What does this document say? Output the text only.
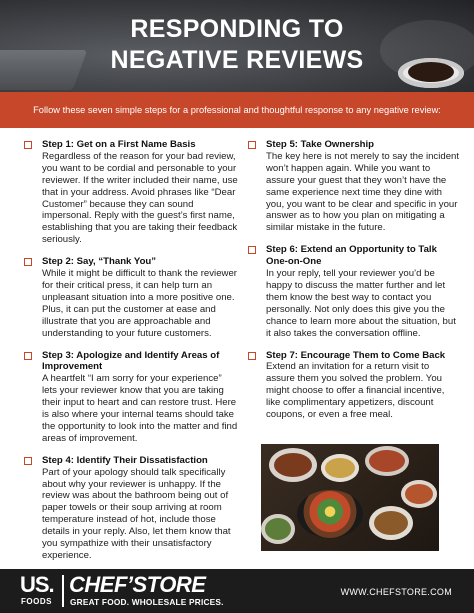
RESPONDING TO
NEGATIVE REVIEWS
Follow these seven simple steps for a professional and thoughtful response to any negative review:
Step 1: Get on a First Name Basis
Regardless of the reason for your bad review, you want to be cordial and personable to your reviewer. If the writer included their name, use that in your address. Avoid phrases like “Dear Customer” because they can sound impersonal. Reply with the guest’s first name, establishing that you are taking their feedback seriously.
Step 2: Say, “Thank You”
While it might be difficult to thank the reviewer for their critical press, it can help turn an unpleasant situation into a more positive one. Plus, it can put the customer at ease and illustrate that you are approachable and understanding to your future customers.
Step 3: Apologize and Identify Areas of Improvement
A heartfelt “I am sorry for your experience” lets your reviewer know that you are taking their input to heart and can restore trust. Here is also where your internal teams should take the opportunity to look into the matter and find areas of improvement.
Step 4: Identify Their Dissatisfaction
Part of your apology should talk specifically about why your reviewer is unhappy. If the review was about the bathroom being out of paper towels or their soup arriving at room temperature instead of hot, include those details in your reply. Also, let them know that you sympathize with their unsatisfactory experience.
Step 5: Take Ownership
The key here is not merely to say the incident won’t happen again. While you want to assure your guest that they won’t have the same experience next time they dine with you, you want to be clear and specific in your answer as to how you plan on mitigating a similar mistake in the future.
Step 6: Extend an Opportunity to Talk One-on-One
In your reply, tell your reviewer you’d be happy to discuss the matter further and let them know the best way to contact you personally. Not only does this give you the chance to learn more about the situation, but it also takes the conversation offline.
Step 7: Encourage Them to Come Back
Extend an invitation for a return visit to assure them you solved the problem. You might choose to offer a financial incentive, like complimentary appetizers, discount coupons, or even a free meal.
US.
FOODS
CHEF’STORE
GREAT FOOD. WHOLESALE PRICES.
WWW.CHEFSTORE.COM
